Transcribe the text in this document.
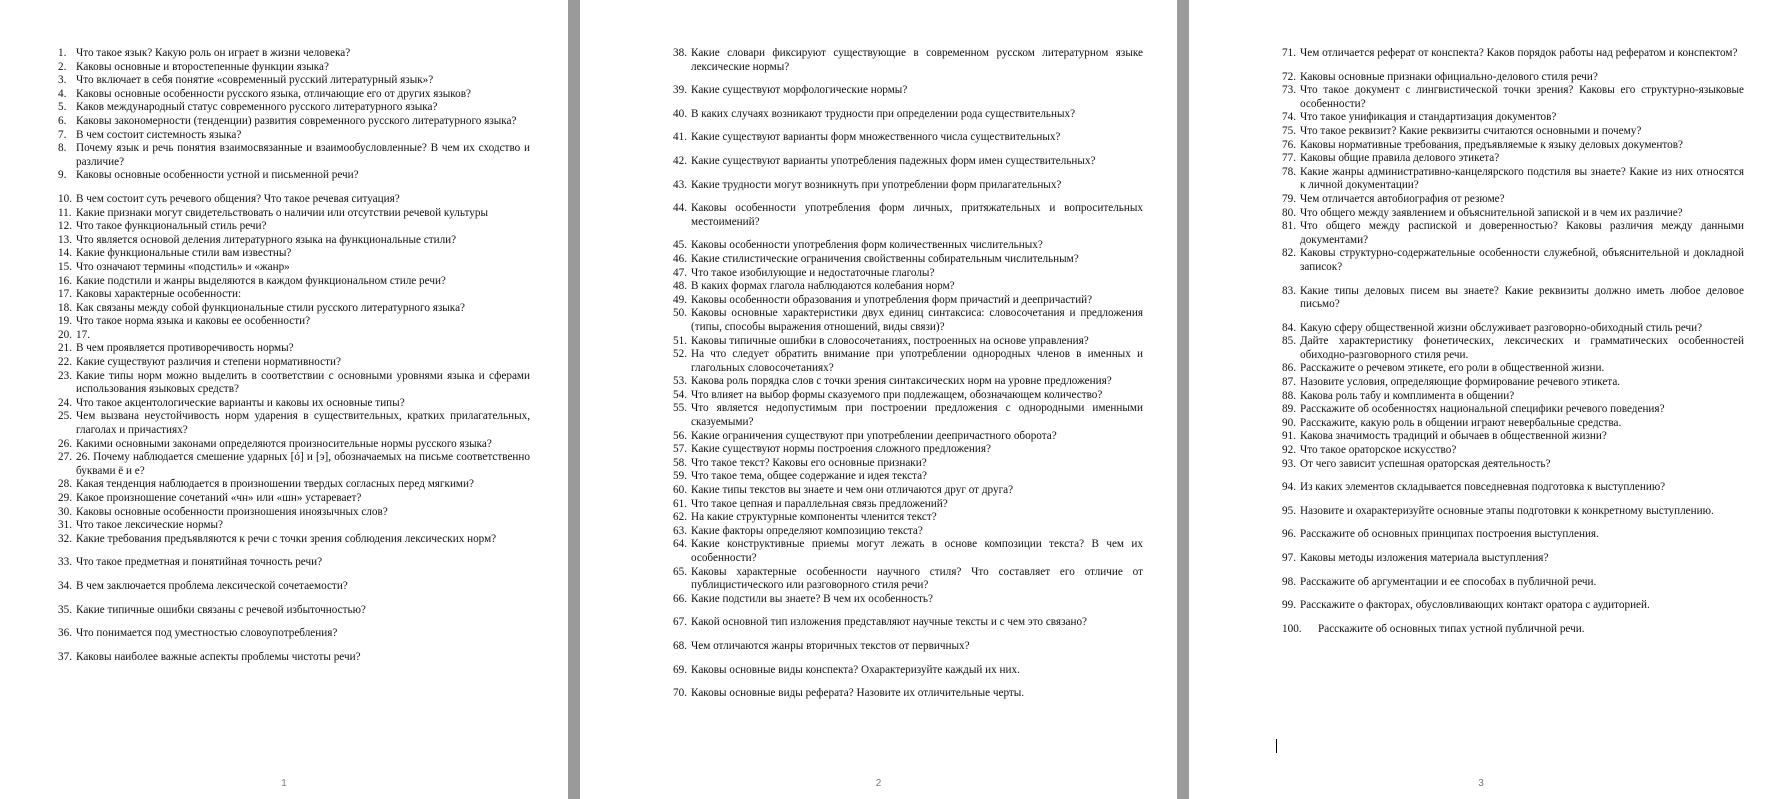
1. Что такое язык? Какую роль он играет в жизни человека?
2. Каковы основные и второстепенные функции языка?
3. Что включает в себя понятие «современный русский литературный язык»?
4. Каковы основные особенности русского языка, отличающие его от других языков?
5. Каков международный статус современного русского литературного языка?
6. Каковы закономерности (тенденции) развития современного русского литературного языка?
7. В чем состоит системность языка?
8. Почему язык и речь понятия взаимосвязанные и взаимообусловленные? В чем их сходство и различие?
9. Каковы основные особенности устной и письменной речи?
10. В чем состоит суть речевого общения? Что такое речевая ситуация?
11. Какие признаки могут свидетельствовать о наличии или отсутствии речевой культуры
12. Что такое функциональный стиль речи?
13. Что является основой деления литературного языка на функциональные стили?
14. Какие функциональные стили вам известны?
15. Что означают термины «подстиль» и «жанр»
16. Какие подстили и жанры выделяются в каждом функциональном стиле речи?
17. Каковы характерные особенности:
18. Как связаны между собой функциональные стили русского литературного языка?
19. Что такое норма языка и каковы ее особенности?
20. 17.
21. В чем проявляется противоречивость нормы?
22. Какие существуют различия и степени нормативности?
23. Какие типы норм можно выделить в соответствии с основными уровнями языка и сферами использования языковых средств?
24. Что такое акцентологические варианты и каковы их основные типы?
25. Чем вызвана неустойчивость норм ударения в существительных, кратких прилагательных, глаголах и причастиях?
26. Какими основными законами определяются произносительные нормы русского языка?
27. 26. Почему наблюдается смешение ударных [ó] и [э], обозначаемых на письме соответственно буквами ё и е?
28. Какая тенденция наблюдается в произношении твердых согласных перед мягкими?
29. Какое произношение сочетаний «чн» или «шн» устаревает?
30. Каковы основные особенности произношения иноязычных слов?
31. Что такое лексические нормы?
32. Какие требования предъявляются к речи с точки зрения соблюдения лексических норм?
33. Что такое предметная и понятийная точность речи?
34. В чем заключается проблема лексической сочетаемости?
35. Какие типичные ошибки связаны с речевой избыточностью?
36. Что понимается под уместностью словоупотребления?
37. Каковы наиболее важные аспекты проблемы чистоты речи?
1
38. Какие словари фиксируют существующие в современном русском литературном языке лексические нормы?
39. Какие существуют морфологические нормы?
40. В каких случаях возникают трудности при определении рода существительных?
41. Какие существуют варианты форм множественного числа существительных?
42. Какие существуют варианты употребления падежных форм имен существительных?
43. Какие трудности могут возникнуть при употреблении форм прилагательных?
44. Каковы особенности употребления форм личных, притяжательных и вопросительных местоимений?
45. Каковы особенности употребления форм количественных числительных?
46. Какие стилистические ограничения свойственны собирательным числительным?
47. Что такое изобилующие и недостаточные глаголы?
48. В каких формах глагола наблюдаются колебания норм?
49. Каковы особенности образования и употребления форм причастий и деепричастий?
50. Каковы основные характеристики двух единиц синтаксиса: словосочетания и предложения (типы, способы выражения отношений, виды связи)?
51. Каковы типичные ошибки в словосочетаниях, построенных на основе управления?
52. На что следует обратить внимание при употреблении однородных членов в именных и глагольных словосочетаниях?
53. Какова роль порядка слов с точки зрения синтаксических норм на уровне предложения?
54. Что влияет на выбор формы сказуемого при подлежащем, обозначающем количество?
55. Что является недопустимым при построении предложения с однородными именными сказуемыми?
56. Какие ограничения существуют при употреблении деепричастного оборота?
57. Какие существуют нормы построения сложного предложения?
58. Что такое текст? Каковы его основные признаки?
59. Что такое тема, общее содержание и идея текста?
60. Какие типы текстов вы знаете и чем они отличаются друг от друга?
61. Что такое цепная и параллельная связь предложений?
62. На какие структурные компоненты членится текст?
63. Какие факторы определяют композицию текста?
64. Какие конструктивные приемы могут лежать в основе композиции текста? В чем их особенности?
65. Каковы характерные особенности научного стиля? Что составляет его отличие от публицистического или разговорного стиля речи?
66. Какие подстили вы знаете? В чем их особенность?
67. Какой основной тип изложения представляют научные тексты и с чем это связано?
68. Чем отличаются жанры вторичных текстов от первичных?
69. Каковы основные виды конспекта? Охарактеризуйте каждый их них.
70. Каковы основные виды реферата? Назовите их отличительные черты.
2
71. Чем отличается реферат от конспекта? Каков порядок работы над рефератом и конспектом?
72. Каковы основные признаки официально-делового стиля речи?
73. Что такое документ с лингвистической точки зрения? Каковы его структурно-языковые особенности?
74. Что такое унификация и стандартизация документов?
75. Что такое реквизит? Какие реквизиты считаются основными и почему?
76. Каковы нормативные требования, предъявляемые к языку деловых документов?
77. Каковы общие правила делового этикета?
78. Какие жанры административно-канцелярского подстиля вы знаете? Какие из них относятся к личной документации?
79. Чем отличается автобиография от резюме?
80. Что общего между заявлением и объяснительной запиской и в чем их различие?
81. Что общего между распиской и доверенностью? Каковы различия между данными документами?
82. Каковы структурно-содержательные особенности служебной, объяснительной и докладной записок?
83. Какие типы деловых писем вы знаете? Какие реквизиты должно иметь любое деловое письмо?
84. Какую сферу общественной жизни обслуживает разговорно-обиходный стиль речи?
85. Дайте характеристику фонетических, лексических и грамматических особенностей обиходно-разговорного стиля речи.
86. Расскажите о речевом этикете, его роли в общественной жизни.
87. Назовите условия, определяющие формирование речевого этикета.
88. Какова роль табу и комплимента в общении?
89. Расскажите об особенностях национальной специфики речевого поведения?
90. Расскажите, какую роль в общении играют невербальные средства.
91. Какова значимость традиций и обычаев в общественной жизни?
92. Что такое ораторское искусство?
93. От чего зависит успешная ораторская деятельность?
94. Из каких элементов складывается повседневная подготовка к выступлению?
95. Назовите и охарактеризуйте основные этапы подготовки к конкретному выступлению.
96. Расскажите об основных принципах построения выступления.
97. Каковы методы изложения материала выступления?
98. Расскажите об аргументации и ее способах в публичной речи.
99. Расскажите о факторах, обусловливающих контакт оратора с аудиторией.
100.	Расскажите об основных типах устной публичной речи.
3
